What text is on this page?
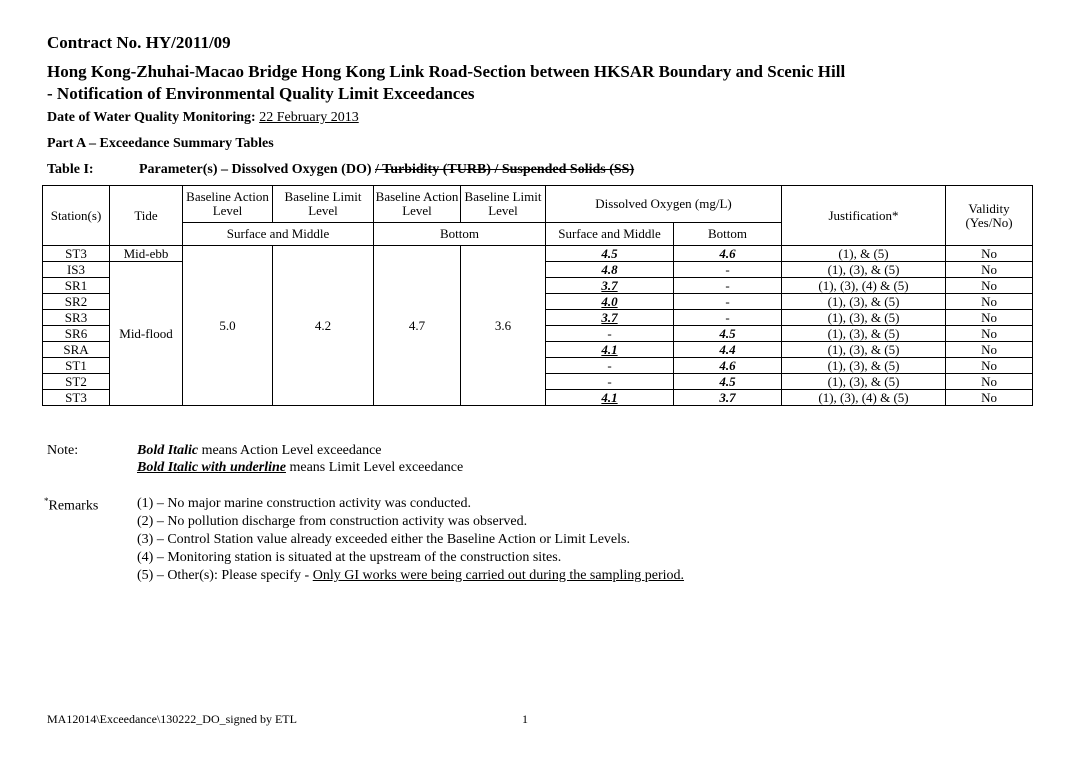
Contract No. HY/2011/09
Hong Kong-Zhuhai-Macao Bridge Hong Kong Link Road-Section between HKSAR Boundary and Scenic Hill
- Notification of Environmental Quality Limit Exceedances
Date of Water Quality Monitoring: 22 February 2013
Part A – Exceedance Summary Tables
Table I:	Parameter(s) – Dissolved Oxygen (DO) / Turbidity (TURB) / Suspended Solids (SS)
Station(s)	Tide	Baseline Action Level	Baseline Limit Level	Baseline Action Level	Baseline Limit Level	Dissolved Oxygen (mg/L)		Justification*	Validity (Yes/No)
		Surface and Middle		Bottom		Surface and Middle	Bottom		
ST3	Mid-ebb	5.0	4.2	4.7	3.6	4.5	4.6	(1), & (5)	No
IS3	Mid-flood					4.8	-	(1), (3), & (5)	No
SR1						3.7	-	(1), (3), (4) & (5)	No
SR2						4.0	-	(1), (3), & (5)	No
SR3						3.7	-	(1), (3), & (5)	No
SR6						-	4.5	(1), (3), & (5)	No
SRA						4.1	4.4	(1), (3), & (5)	No
ST1						-	4.6	(1), (3), & (5)	No
ST2						-	4.5	(1), (3), & (5)	No
ST3						4.1	3.7	(1), (3), (4) & (5)	No
Note:	Bold Italic means Action Level exceedance
Bold Italic with underline means Limit Level exceedance
*Remarks	(1) – No major marine construction activity was conducted.
(2) – No pollution discharge from construction activity was observed.
(3) – Control Station value already exceeded either the Baseline Action or Limit Levels.
(4) – Monitoring station is situated at the upstream of the construction sites.
(5) – Other(s): Please specify - Only GI works were being carried out during the sampling period.
MA12014\Exceedance\130222_DO_signed by ETL	1
